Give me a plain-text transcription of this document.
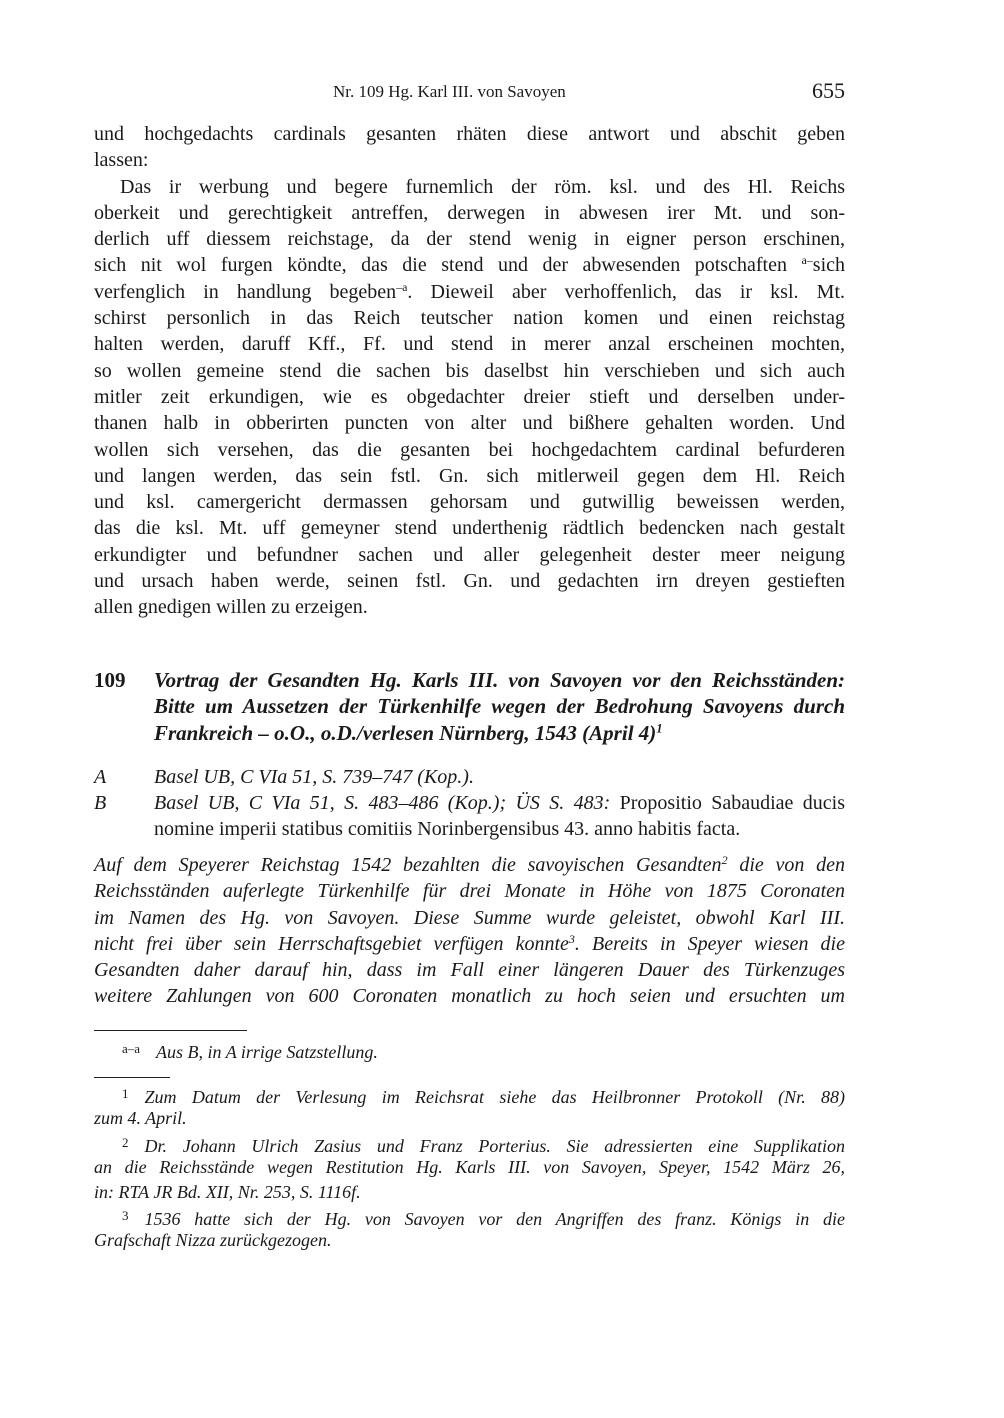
Nr. 109 Hg. Karl III. von Savoyen	655
und hochgedachts cardinals gesanten rhäten diese antwort und abschit geben
lassen:
Das ir werbung und begere furnemlich der röm. ksl. und des Hl. Reichs
oberkeit und gerechtigkeit antreffen, derwegen in abwesen irer Mt. und son-
derlich uff diessem reichstage, da der stend wenig in eigner person erschinen,
sich nit wol furgen köndte, das die stend und der abwesenden potschaften $^{a-}$sich
verfenglich in handlung begeben$^{-a}$. Dieweil aber verhoffenlich, das ir ksl. Mt.
schirst personlich in das Reich teutscher nation komen und einen reichstag
halten werden, daruff Kff., Ff. und stend in merer anzal erscheinen mochten,
so wollen gemeine stend die sachen bis daselbst hin verschieben und sich auch
mitler zeit erkundigen, wie es obgedachter dreier stieft und derselben under-
thanen halb in obberirten puncten von alter und bißhere gehalten worden. Und
wollen sich versehen, das die gesanten bei hochgedachtem cardinal befurderen
und langen werden, das sein fstl. Gn. sich mitlerweil gegen dem Hl. Reich
und ksl. camergericht dermassen gehorsam und gutwillig beweissen werden,
das die ksl. Mt. uff gemeyner stend underthenig rädtlich bedencken nach gestalt
erkundigter und befundner sachen und aller gelegenheit dester meer neigung
und ursach haben werde, seinen fstl. Gn. und gedachten irn dreyen gestieften
allen gnedigen willen zu erzeigen.
109 Vortrag der Gesandten Hg. Karls III. von Savoyen vor den Reichsständen:
Bitte um Aussetzen der Türkenhilfe wegen der Bedrohung Savoyens durch
Frankreich – o.O., o.D./verlesen Nürnberg, 1543 (April 4)$^1$
A Basel UB, C VIa 51, S. 739–747 (Kop.).
B Basel UB, C VIa 51, S. 483–486 (Kop.); ÜS S. 483: Propositio Sabaudiae ducis
nomine imperii statibus comitiis Norinbergensibus 43. anno habitis facta.
Auf dem Speyerer Reichstag 1542 bezahlten die savoyischen Gesandten$^2$ die von den
Reichsständen auferlegte Türkenhilfe für drei Monate in Höhe von 1875 Coronaten
im Namen des Hg. von Savoyen. Diese Summe wurde geleistet, obwohl Karl III.
nicht frei über sein Herrschaftsgebiet verfügen konnte$^3$. Bereits in Speyer wiesen die
Gesandten daher darauf hin, dass im Fall einer längeren Dauer des Türkenzuges
weitere Zahlungen von 600 Coronaten monatlich zu hoch seien und ersuchten um
$^{a-a}$ Aus B, in A irrige Satzstellung.
$^1$ Zum Datum der Verlesung im Reichsrat siehe das Heilbronner Protokoll (Nr. 88)
zum 4. April.
$^2$ Dr. Johann Ulrich Zasius und Franz Porterius. Sie adressierten eine Supplikation
an die Reichsstände wegen Restitution Hg. Karls III. von Savoyen, Speyer, 1542 März 26,
in: RTA JR Bd. XII, Nr. 253, S. 1116f.
$^3$ 1536 hatte sich der Hg. von Savoyen vor den Angriffen des franz. Königs in die
Grafschaft Nizza zurückgezogen.
